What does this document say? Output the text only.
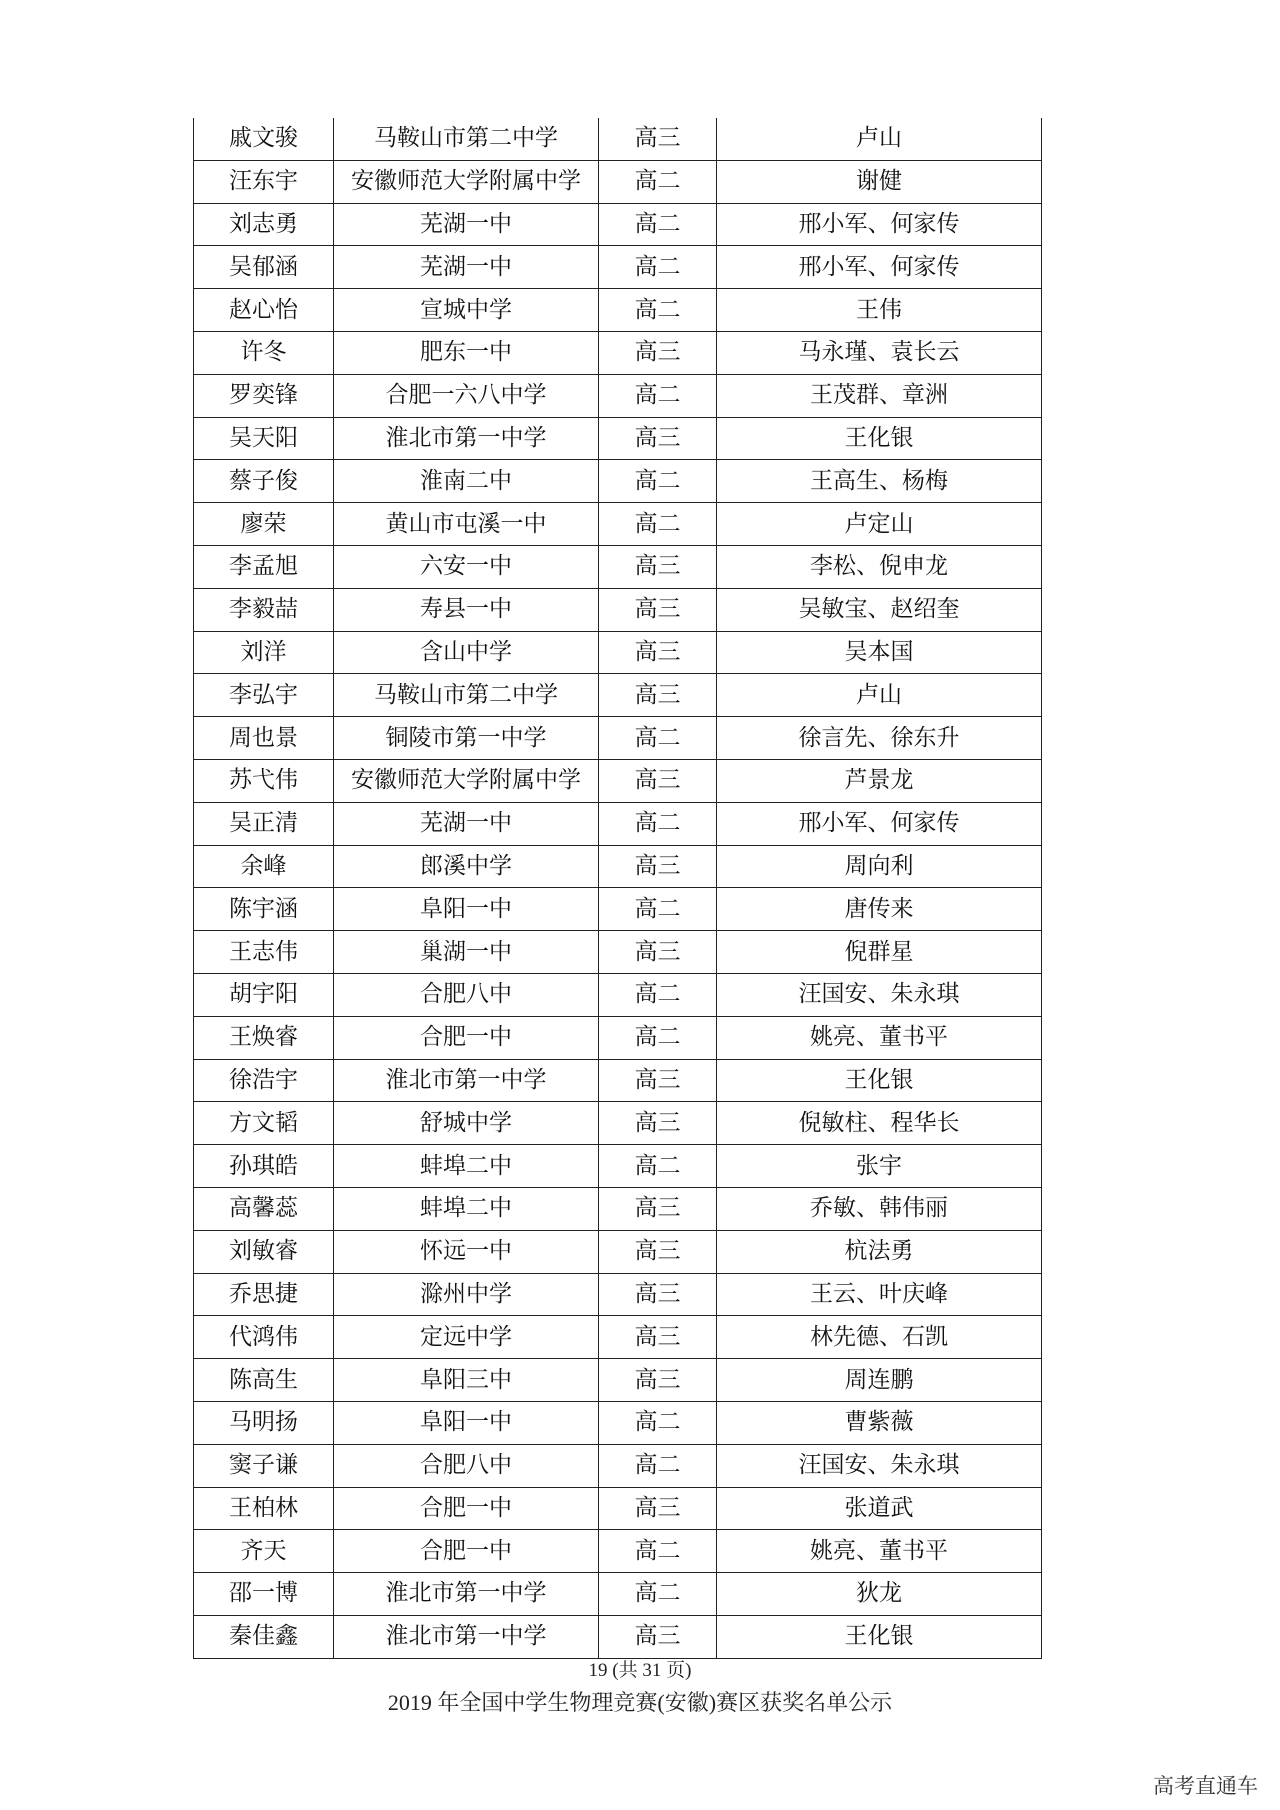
戚文骏	马鞍山市第二中学	高三	卢山
汪东宇	安徽师范大学附属中学	高二	谢健
刘志勇	芜湖一中	高二	邢小军、何家传
吴郁涵	芜湖一中	高二	邢小军、何家传
赵心怡	宣城中学	高二	王伟
许冬	肥东一中	高三	马永瑾、袁长云
罗奕锋	合肥一六八中学	高二	王茂群、章洲
吴天阳	淮北市第一中学	高三	王化银
蔡子俊	淮南二中	高二	王高生、杨梅
廖荣	黄山市屯溪一中	高二	卢定山
李孟旭	六安一中	高三	李松、倪申龙
李毅喆	寿县一中	高三	吴敏宝、赵绍奎
刘洋	含山中学	高三	吴本国
李弘宇	马鞍山市第二中学	高三	卢山
周也景	铜陵市第一中学	高二	徐言先、徐东升
苏弋伟	安徽师范大学附属中学	高三	芦景龙
吴正清	芜湖一中	高二	邢小军、何家传
余峰	郎溪中学	高三	周向利
陈宇涵	阜阳一中	高二	唐传来
王志伟	巢湖一中	高三	倪群星
胡宇阳	合肥八中	高二	汪国安、朱永琪
王焕睿	合肥一中	高二	姚亮、董书平
徐浩宇	淮北市第一中学	高三	王化银
方文韬	舒城中学	高三	倪敏柱、程华长
孙琪皓	蚌埠二中	高二	张宇
高馨蕊	蚌埠二中	高三	乔敏、韩伟丽
刘敏睿	怀远一中	高三	杭法勇
乔思捷	滁州中学	高三	王云、叶庆峰
代鸿伟	定远中学	高三	林先德、石凯
陈高生	阜阳三中	高三	周连鹏
马明扬	阜阳一中	高二	曹紫薇
窦子谦	合肥八中	高二	汪国安、朱永琪
王柏林	合肥一中	高三	张道武
齐天	合肥一中	高二	姚亮、董书平
邵一博	淮北市第一中学	高二	狄龙
秦佳鑫	淮北市第一中学	高三	王化银
19 (共 31 页)
2019 年全国中学生物理竞赛(安徽)赛区获奖名单公示
高考直通车
